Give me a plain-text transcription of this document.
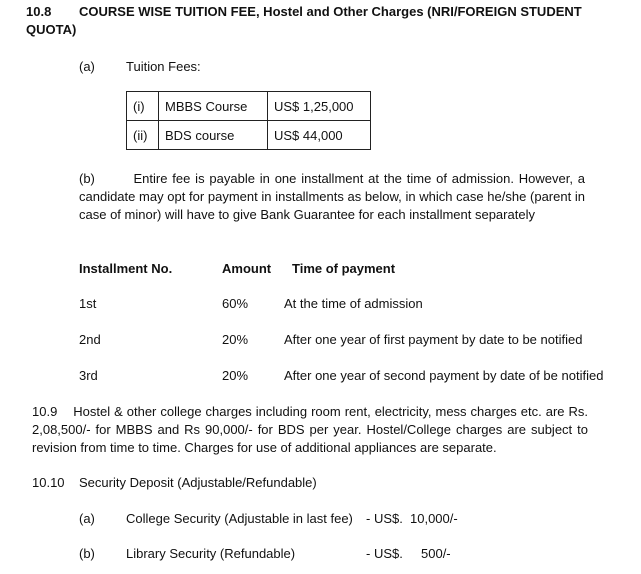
10.8 COURSE WISE TUITION FEE, Hostel and Other Charges (NRI/FOREIGN STUDENT
QUOTA)
(a) Tuition Fees:
(i)	MBBS Course	US$ 1,25,000
(ii)	BDS course	US$ 44,000
(b)	Entire fee is payable in one installment at the time of admission. However, a candidate may opt for payment in installments as below, in which case he/she (parent in case of minor) will have to give Bank Guarantee for each installment separately
Installment No.	Amount Time of payment
1st	60%	At the time of admission
2nd	20%	After one year of first payment by date to be notified
3rd	20%	After one year of second payment by date of be notified
10.9 Hostel & other college charges including room rent, electricity, mess charges etc. are Rs. 2,08,500/- for MBBS and Rs 90,000/- for BDS per year. Hostel/College charges are subject to revision from time to time. Charges for use of additional appliances are separate.
10.10 Security Deposit (Adjustable/Refundable)
(a) College Security (Adjustable in last fee) - US$. 10,000/-
(b) Library Security (Refundable)	- US$. 500/-
